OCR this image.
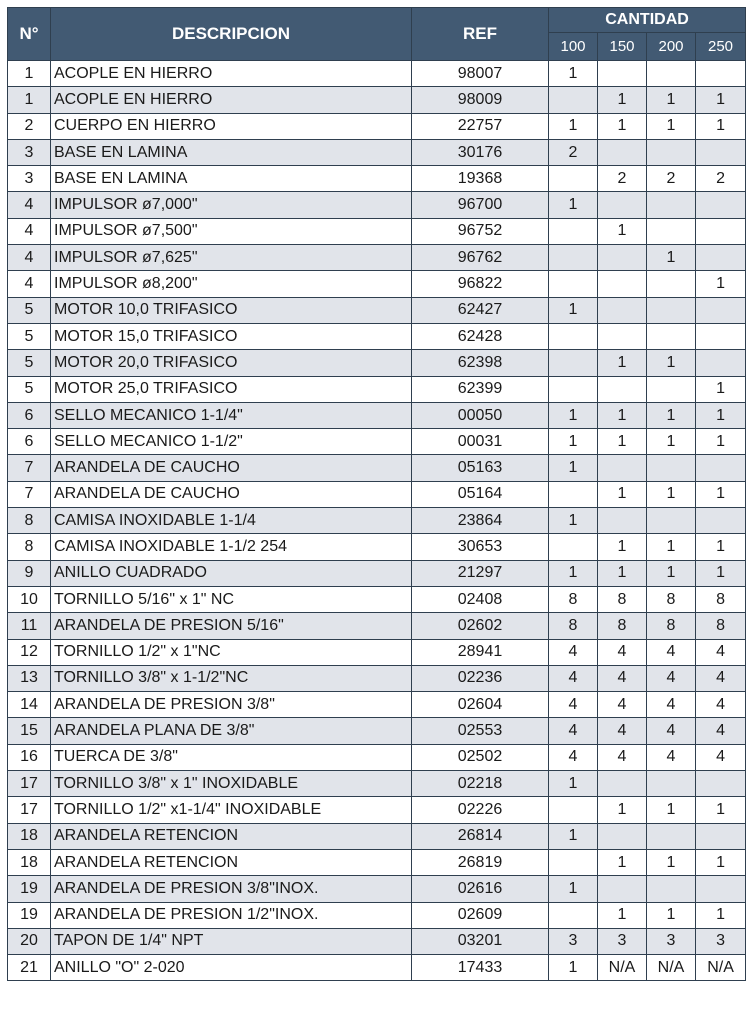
N°	DESCRIPCION	REF	CANTIDAD			
			100	150	200	250
1	ACOPLE EN HIERRO	98007	1			
1	ACOPLE EN HIERRO	98009		1	1	1
2	CUERPO EN HIERRO	22757	1	1	1	1
3	BASE EN LAMINA	30176	2			
3	BASE EN LAMINA	19368		2	2	2
4	IMPULSOR ø7,000"	96700	1			
4	IMPULSOR ø7,500"	96752		1		
4	IMPULSOR ø7,625"	96762			1	
4	IMPULSOR ø8,200"	96822				1
5	MOTOR 10,0 TRIFASICO	62427	1			
5	MOTOR 15,0 TRIFASICO	62428				
5	MOTOR 20,0 TRIFASICO	62398		1	1	
5	MOTOR 25,0 TRIFASICO	62399				1
6	SELLO MECANICO 1-1/4"	00050	1	1	1	1
6	SELLO MECANICO 1-1/2"	00031	1	1	1	1
7	ARANDELA DE CAUCHO	05163	1			
7	ARANDELA DE CAUCHO	05164		1	1	1
8	CAMISA INOXIDABLE 1-1/4	23864	1			
8	CAMISA INOXIDABLE 1-1/2 254	30653		1	1	1
9	ANILLO CUADRADO	21297	1	1	1	1
10	TORNILLO 5/16" x 1" NC	02408	8	8	8	8
11	ARANDELA DE PRESION 5/16"	02602	8	8	8	8
12	TORNILLO 1/2" x 1"NC	28941	4	4	4	4
13	TORNILLO 3/8" x 1-1/2"NC	02236	4	4	4	4
14	ARANDELA DE PRESION 3/8"	02604	4	4	4	4
15	ARANDELA PLANA DE 3/8"	02553	4	4	4	4
16	TUERCA DE 3/8"	02502	4	4	4	4
17	TORNILLO 3/8" x 1" INOXIDABLE	02218	1			
17	TORNILLO 1/2" x1-1/4" INOXIDABLE	02226		1	1	1
18	ARANDELA RETENCION	26814	1			
18	ARANDELA RETENCION	26819		1	1	1
19	ARANDELA DE PRESION 3/8"INOX.	02616	1			
19	ARANDELA DE PRESION 1/2"INOX.	02609		1	1	1
20	TAPON DE 1/4" NPT	03201	3	3	3	3
21	ANILLO "O" 2-020	17433	1	N/A	N/A	N/A
